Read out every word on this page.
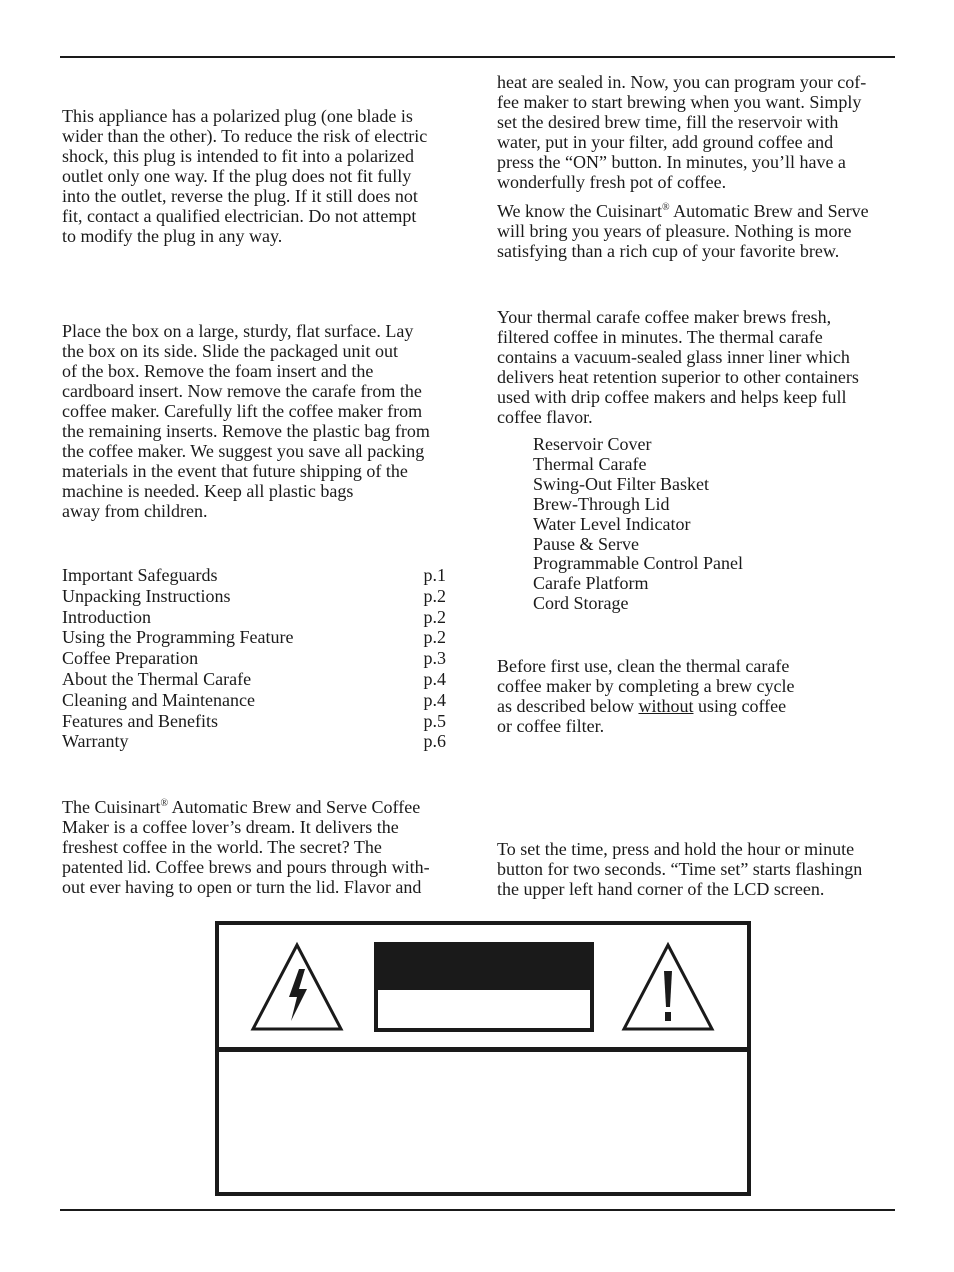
This appliance has a polarized plug (one blade is
wider than the other). To reduce the risk of electric
shock, this plug is intended to fit into a polarized
outlet only one way. If the plug does not fit fully
into the outlet, reverse the plug. If it still does not
fit, contact a qualified electrician. Do not attempt
to modify the plug in any way.

Place the box on a large, sturdy, flat surface. Lay
the box on its side. Slide the packaged unit out
of the box. Remove the foam insert and the
cardboard insert. Now remove the carafe from the
coffee maker. Carefully lift the coffee maker from
the remaining inserts. Remove the plastic bag from
the coffee maker. We suggest you save all packing
materials in the event that future shipping of the
machine is needed. Keep all plastic bags
away from children.

Important Safeguards	p.1
Unpacking Instructions	p.2
Introduction	p.2
Using the Programming Feature	p.2
Coffee Preparation	p.3
About the Thermal Carafe	p.4
Cleaning and Maintenance	p.4
Features and Benefits	p.5
Warranty	p.6

The Cuisinart® Automatic Brew and Serve Coffee
Maker is a coffee lover’s dream. It delivers the
freshest coffee in the world. The secret? The
patented lid. Coffee brews and pours through with-
out ever having to open or turn the lid. Flavor and

heat are sealed in. Now, you can program your cof-
fee maker to start brewing when you want. Simply
set the desired brew time, fill the reservoir with
water, put in your filter, add ground coffee and
press the “ON” button. In minutes, you’ll have a
wonderfully fresh pot of coffee.

We know the Cuisinart® Automatic Brew and Serve
will bring you years of pleasure. Nothing is more
satisfying than a rich cup of your favorite brew.

Your thermal carafe coffee maker brews fresh,
filtered coffee in minutes. The thermal carafe
contains a vacuum-sealed glass inner liner which
delivers heat retention superior to other containers
used with drip coffee makers and helps keep full
coffee flavor.

Reservoir Cover
Thermal Carafe
Swing-Out Filter Basket
Brew-Through Lid
Water Level Indicator
Pause & Serve
Programmable Control Panel
Carafe Platform
Cord Storage

Before first use, clean the thermal carafe
coffee maker by completing a brew cycle
as described below without using coffee
or coffee filter.

To set the time, press and hold the hour or minute
button for two seconds. “Time set” starts flashingn
the upper left hand corner of the LCD screen.
